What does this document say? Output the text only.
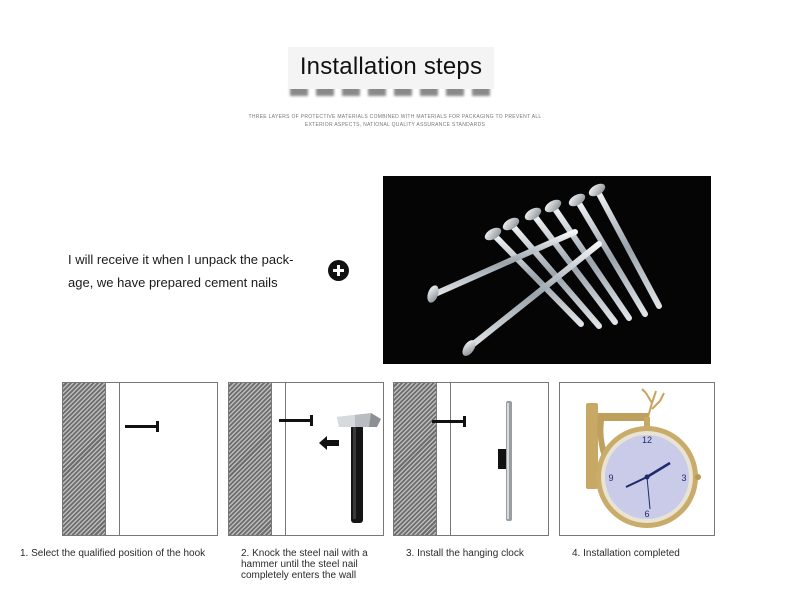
Installation steps
THREE LAYERS OF PROTECTIVE MATERIALS COMBINED WITH MATERIALS FOR PACKAGING TO PREVENT ALL
EXTERIOR ASPECTS, NATIONAL QUALITY ASSURANCE STANDARDS
I will receive it when I unpack the pack-
age, we have prepared cement nails
12
3
6
9
1. Select the qualified position of the hook	2. Knock the steel nail with a
hammer until the steel nail
completely enters the wall
3. Install the hanging clock	4. Installation completed
